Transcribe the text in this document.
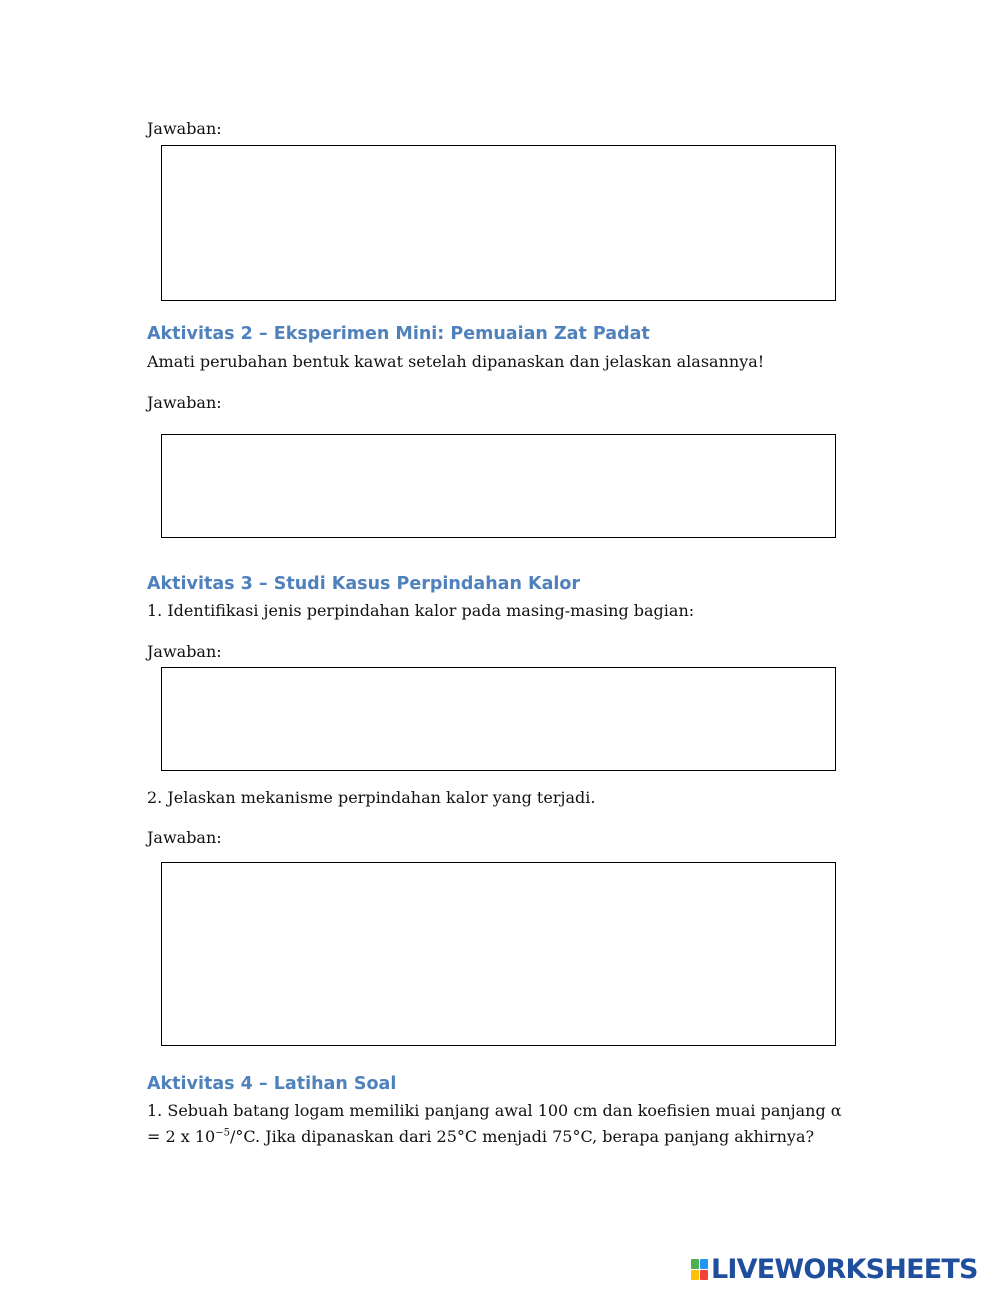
Jawaban:
Aktivitas 2 – Eksperimen Mini: Pemuaian Zat Padat
Amati perubahan bentuk kawat setelah dipanaskan dan jelaskan alasannya!
Jawaban:
Aktivitas 3 – Studi Kasus Perpindahan Kalor
1. Identifikasi jenis perpindahan kalor pada masing-masing bagian:
Jawaban:
2. Jelaskan mekanisme perpindahan kalor yang terjadi.
Jawaban:
Aktivitas 4 – Latihan Soal
1. Sebuah batang logam memiliki panjang awal 100 cm dan koefisien muai panjang α = 2 x $10^{-5}/^\circ C$. Jika dipanaskan dari 25°C menjadi 75°C, berapa panjang akhirnya?
LIVEWORKSHEETS
